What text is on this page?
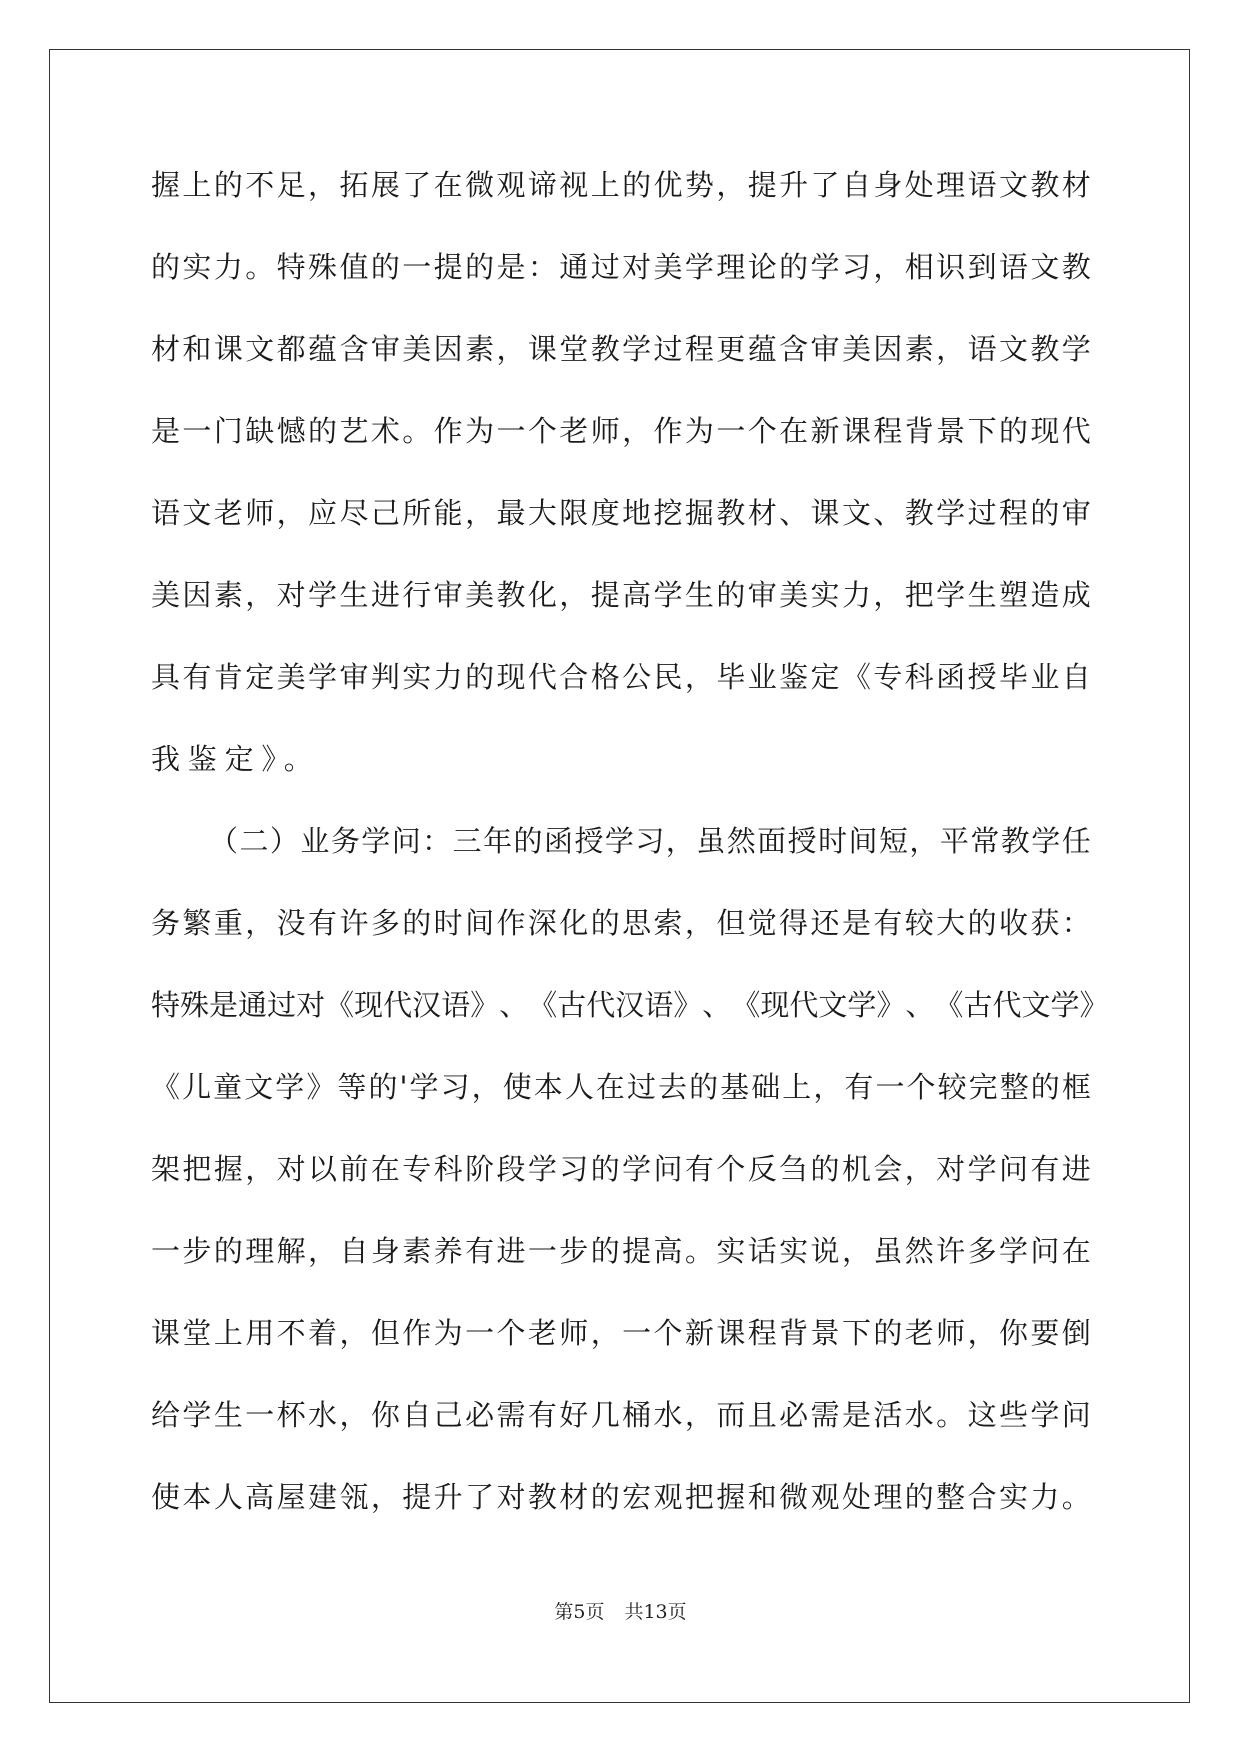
握 上 的 不 足 ， 拓 展 了 在 微 观 谛 视 上 的 优 势 ， 提 升 了 自 身 处 理 语 文 教 材
的 实 力 。 特 殊 值 的 一 提 的 是 ： 通 过 对 美 学 理 论 的 学 习 ， 相 识 到 语 文 教
材 和 课 文 都 蕴 含 审 美 因 素 ， 课 堂 教 学 过 程 更 蕴 含 审 美 因 素 ， 语 文 教 学
是 一 门 缺 憾 的 艺 术 。 作 为 一 个 老 师 ， 作 为 一 个 在 新 课 程 背 景 下 的 现 代
语 文 老 师 ， 应 尽 己 所 能 ， 最 大 限 度 地 挖 掘 教 材 、 课 文 、 教 学 过 程 的 审
美 因 素 ， 对 学 生 进 行 审 美 教 化 ， 提 高 学 生 的 审 美 实 力 ， 把 学 生 塑 造 成
具 有 肯 定 美 学 审 判 实 力 的 现 代 合 格 公 民 ， 毕 业 鉴 定 《 专 科 函 授 毕 业 自
我鉴定》。
（ 二 ） 业 务 学 问 ： 三 年 的 函 授 学 习 ， 虽 然 面 授 时 间 短 ， 平 常 教 学 任
务 繁 重 ， 没 有 许 多 的 时 间 作 深 化 的 思 索 ， 但 觉 得 还 是 有 较 大 的 收 获 ：
特 殊 是 通 过 对 《 现 代 汉 语 》 、 《 古 代 汉 语 》 、 《 现 代 文 学 》 、 《 古 代 文 学 》
《 儿 童 文 学 》 等 的 ' 学 习 ， 使 本 人 在 过 去 的 基 础 上 ， 有 一 个 较 完 整 的 框
架 把 握 ， 对 以 前 在 专 科 阶 段 学 习 的 学 问 有 个 反 刍 的 机 会 ， 对 学 问 有 进
一 步 的 理 解 ， 自 身 素 养 有 进 一 步 的 提 高 。 实 话 实 说 ， 虽 然 许 多 学 问 在
课 堂 上 用 不 着 ， 但 作 为 一 个 老 师 ， 一 个 新 课 程 背 景 下 的 老 师 ， 你 要 倒
给 学 生 一 杯 水 ， 你 自 己 必 需 有 好 几 桶 水 ， 而 且 必 需 是 活 水 。 这 些 学 问
使 本 人 高 屋 建 瓴 ， 提 升 了 对 教 材 的 宏 观 把 握 和 微 观 处 理 的 整 合 实 力 。
第5页 共13页
